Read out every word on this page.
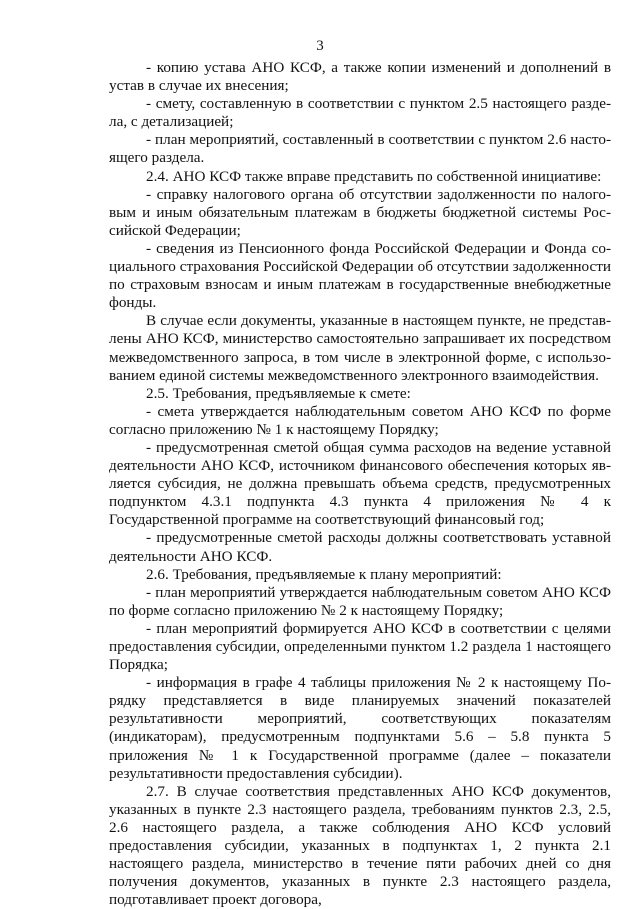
3

- копию устава АНО КСФ, а также копии изменений и дополнений в устав в случае их внесения;

- смету, составленную в соответствии с пунктом 2.5 настоящего раздела, с детализацией;

- план мероприятий, составленный в соответствии с пунктом 2.6 настоящего раздела.

2.4. АНО КСФ также вправе представить по собственной инициативе:

- справку налогового органа об отсутствии задолженности по налоговым и иным обязательным платежам в бюджеты бюджетной системы Российской Федерации;

- сведения из Пенсионного фонда Российской Федерации и Фонда социального страхования Российской Федерации об отсутствии задолженности по страховым взносам и иным платежам в государственные внебюджетные фонды.

В случае если документы, указанные в настоящем пункте, не представлены АНО КСФ, министерство самостоятельно запрашивает их посредством межведомственного запроса, в том числе в электронной форме, с использованием единой системы межведомственного электронного взаимодействия.

2.5. Требования, предъявляемые к смете:

- смета утверждается наблюдательным советом АНО КСФ по форме согласно приложению № 1 к настоящему Порядку;

- предусмотренная сметой общая сумма расходов на ведение уставной деятельности АНО КСФ, источником финансового обеспечения которых является субсидия, не должна превышать объема средств, предусмотренных подпунктом 4.3.1 подпункта 4.3 пункта 4 приложения № 4 к Государственной программе на соответствующий финансовый год;

- предусмотренные сметой расходы должны соответствовать уставной деятельности АНО КСФ.

2.6. Требования, предъявляемые к плану мероприятий:

- план мероприятий утверждается наблюдательным советом АНО КСФ по форме согласно приложению № 2 к настоящему Порядку;

- план мероприятий формируется АНО КСФ в соответствии с целями предоставления субсидии, определенными пунктом 1.2 раздела 1 настоящего Порядка;

- информация в графе 4 таблицы приложения № 2 к настоящему Порядку представляется в виде планируемых значений показателей результативности мероприятий, соответствующих показателям (индикаторам), предусмотренным подпунктами 5.6 – 5.8 пункта 5 приложения № 1 к Государственной программе (далее – показатели результативности предоставления субсидии).

2.7. В случае соответствия представленных АНО КСФ документов, указанных в пункте 2.3 настоящего раздела, требованиям пунктов 2.3, 2.5, 2.6 настоящего раздела, а также соблюдения АНО КСФ условий предоставления субсидии, указанных в подпунктах 1, 2 пункта 2.1 настоящего раздела, министерство в течение пяти рабочих дней со дня получения документов, указанных в пункте 2.3 настоящего раздела, подготавливает проект договора,
